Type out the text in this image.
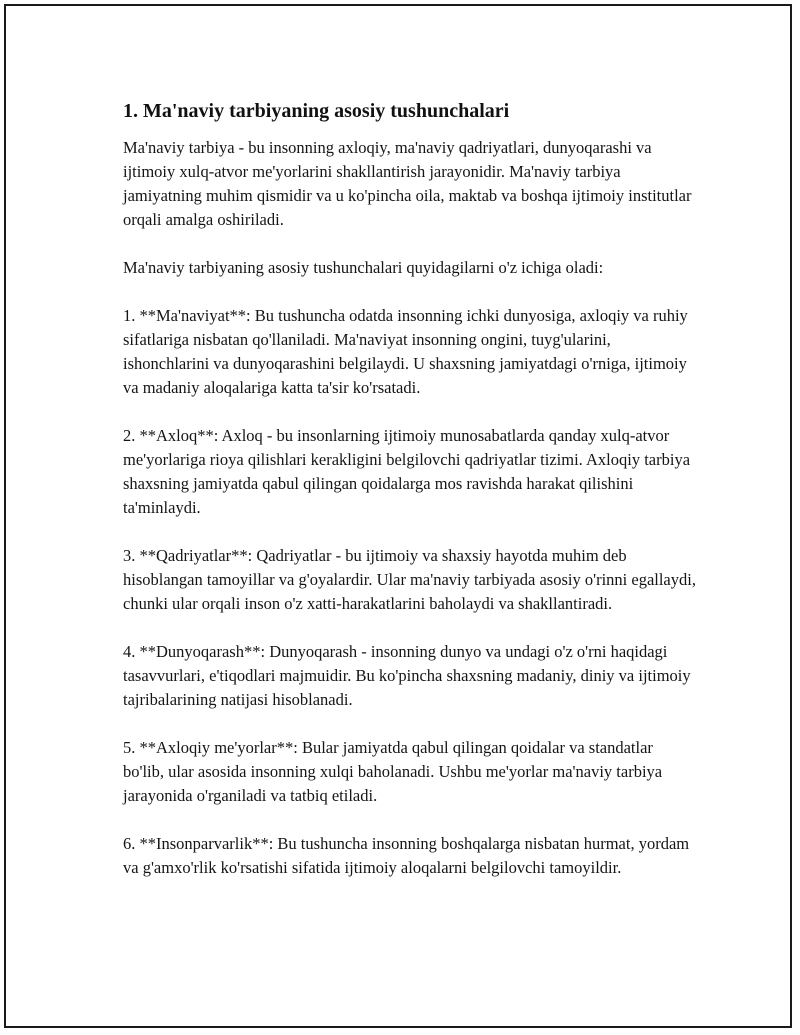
1. Ma'naviy tarbiyaning asosiy tushunchalari

Ma'naviy tarbiya - bu insonning axloqiy, ma'naviy qadriyatlari, dunyoqarashi va ijtimoiy xulq-atvor me'yorlarini shakllantirish jarayonidir. Ma'naviy tarbiya jamiyatning muhim qismidir va u ko'pincha oila, maktab va boshqa ijtimoiy institutlar orqali amalga oshiriladi.

Ma'naviy tarbiyaning asosiy tushunchalari quyidagilarni o'z ichiga oladi:

1. **Ma'naviyat**: Bu tushuncha odatda insonning ichki dunyosiga, axloqiy va ruhiy sifatlariga nisbatan qo'llaniladi. Ma'naviyat insonning ongini, tuyg'ularini, ishonchlarini va dunyoqarashini belgilaydi. U shaxsning jamiyatdagi o'rniga, ijtimoiy va madaniy aloqalariga katta ta'sir ko'rsatadi.

2. **Axloq**: Axloq - bu insonlarning ijtimoiy munosabatlarda qanday xulq-atvor me'yorlariga rioya qilishlari kerakligini belgilovchi qadriyatlar tizimi. Axloqiy tarbiya shaxsning jamiyatda qabul qilingan qoidalarga mos ravishda harakat qilishini ta'minlaydi.

3. **Qadriyatlar**: Qadriyatlar - bu ijtimoiy va shaxsiy hayotda muhim deb hisoblangan tamoyillar va g'oyalardir. Ular ma'naviy tarbiyada asosiy o'rinni egallaydi, chunki ular orqali inson o'z xatti-harakatlarini baholaydi va shakllantiradi.

4. **Dunyoqarash**: Dunyoqarash - insonning dunyo va undagi o'z o'rni haqidagi tasavvurlari, e'tiqodlari majmuidir. Bu ko'pincha shaxsning madaniy, diniy va ijtimoiy tajribalarining natijasi hisoblanadi.

5. **Axloqiy me'yorlar**: Bular jamiyatda qabul qilingan qoidalar va standatlar bo'lib, ular asosida insonning xulqi baholanadi. Ushbu me'yorlar ma'naviy tarbiya jarayonida o'rganiladi va tatbiq etiladi.

6. **Insonparvarlik**: Bu tushuncha insonning boshqalarga nisbatan hurmat, yordam va g'amxo'rlik ko'rsatishi sifatida ijtimoiy aloqalarni belgilovchi tamoyildir.
